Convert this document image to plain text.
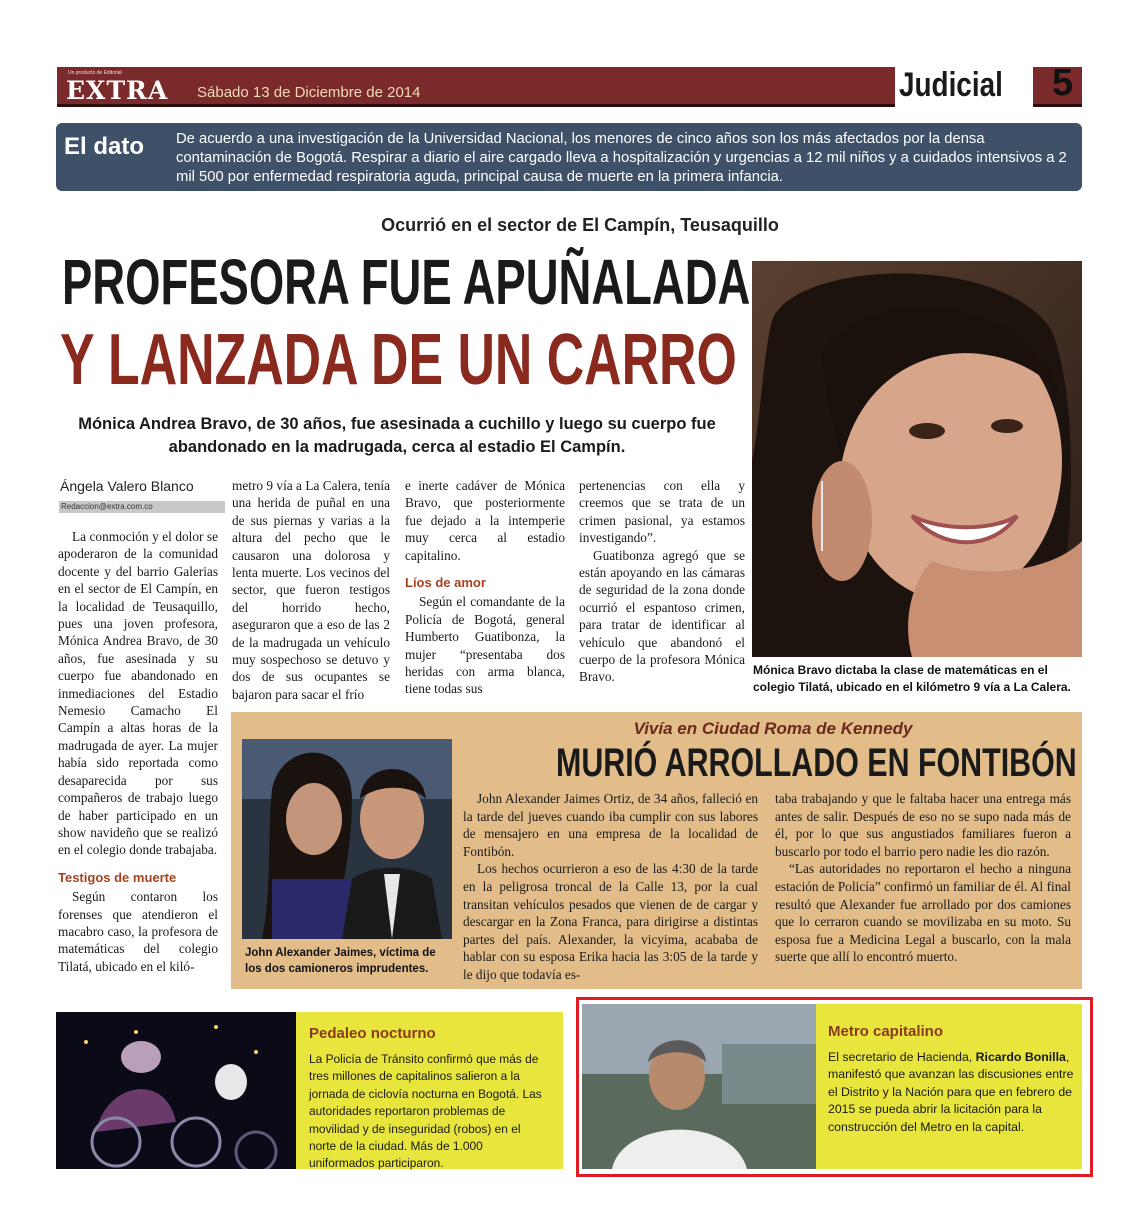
Un producto de Editorial
EXTRA Sábado 13 de Diciembre de 2014	Judicial 5
El dato De acuerdo a una investigación de la Universidad Nacional, los menores de cinco años son los más afectados por la densa contaminación de Bogotá. Respirar a diario el aire cargado lleva a hospitalización y urgencias a 12 mil niños y a cuidados intensivos a 2 mil 500 por enfermedad respiratoria aguda, principal causa de muerte en la primera infancia.
Ocurrió en el sector de El Campín, Teusaquillo
PROFESORA FUE APUÑALADA
Y LANZADA DE UN CARRO
Mónica Andrea Bravo, de 30 años, fue asesinada a cuchillo y luego su cuerpo fue abandonado en la madrugada, cerca al estadio El Campín.
Mónica Bravo dictaba la clase de matemáticas en el colegio Tilatá, ubicado en el kilómetro 9 vía a La Calera.
Ángela Valero Blanco
Redaccion@extra.com.co

La conmoción y el dolor se apoderaron de la comunidad docente y del barrio Galerias en el sector de El Campín, en la localidad de Teusaquillo, pues una joven profesora, Mónica Andrea Bravo, de 30 años, fue asesinada y su cuerpo fue abandonado en inmediaciones del Estadio Nemesio Camacho El Campín a altas horas de la madrugada de ayer. La mujer había sido reportada como desaparecida por sus compañeros de trabajo luego de haber participado en un show navideño que se realizó en el colegio donde trabajaba.

Testigos de muerte

Según contaron los forenses que atendieron el macabro caso, la profesora de matemáticas del colegio Tilatá, ubicado en el kiló-

metro 9 vía a La Calera, tenía una herida de puñal en una de sus piernas y varias a la altura del pecho que le causaron una dolorosa y lenta muerte. Los vecinos del sector, que fueron testigos del horrido hecho, aseguraron que a eso de las 2 de la madrugada un vehículo muy sospechoso se detuvo y dos de sus ocupantes se bajaron para sacar el frío

e inerte cadáver de Mónica Bravo, que posteriormente fue dejado a la intemperie muy cerca al estadio capitalino.

Líos de amor

Según el comandante de la Policía de Bogotá, general Humberto Guatibonza, la mujer “presentaba dos heridas con arma blanca, tiene todas sus

pertenencias con ella y creemos que se trata de un crimen pasional, ya estamos investigando”.

Guatibonza agregó que se están apoyando en las cámaras de seguridad de la zona donde ocurrió el espantoso crimen, para tratar de identificar al vehículo que abandonó el cuerpo de la profesora Mónica Bravo.

John Alexander Jaimes, víctima de los dos camioneros imprudentes.
Vivía en Ciudad Roma de Kennedy
MURIÓ ARROLLADO EN FONTIBÓN

John Alexander Jaimes Ortiz, de 34 años, falleció en la tarde del jueves cuando iba cumplir con sus labores de mensajero en una empresa de la localidad de Fontibón.

Los hechos ocurrieron a eso de las 4:30 de la tarde en la peligrosa troncal de la Calle 13, por la cual transitan vehículos pesados que vienen de de cargar y descargar en la Zona Franca, para dirigirse a distintas partes del país. Alexander, la vicyima, acababa de hablar con su esposa Erika hacia las 3:05 de la tarde y le dijo que todavía es-

taba trabajando y que le faltaba hacer una entrega más antes de salir. Después de eso no se supo nada más de él, por lo que sus angustiados familiares fueron a buscarlo por todo el barrio pero nadie les dio razón.

“Las autoridades no reportaron el hecho a ninguna estación de Policía” confirmó un familiar de él. Al final resultó que Alexander fue arrollado por dos camiones que lo cerraron cuando se movilizaba en su moto. Su esposa fue a Medicina Legal a buscarlo, con la mala suerte que allí lo encontró muerto.

Pedaleo nocturno
La Policía de Tránsito confirmó que más de tres millones de capitalinos salieron a la jornada de ciclovía nocturna en Bogotá. Las autoridades reportaron problemas de movilidad y de inseguridad (robos) en el norte de la ciudad. Más de 1.000 uniformados participaron.
Metro capitalino
El secretario de Hacienda, Ricardo Bonilla, manifestó que avanzan las discusiones entre el Distrito y la Nación para que en febrero de 2015 se pueda abrir la licitación para la construcción del Metro en la capital.
